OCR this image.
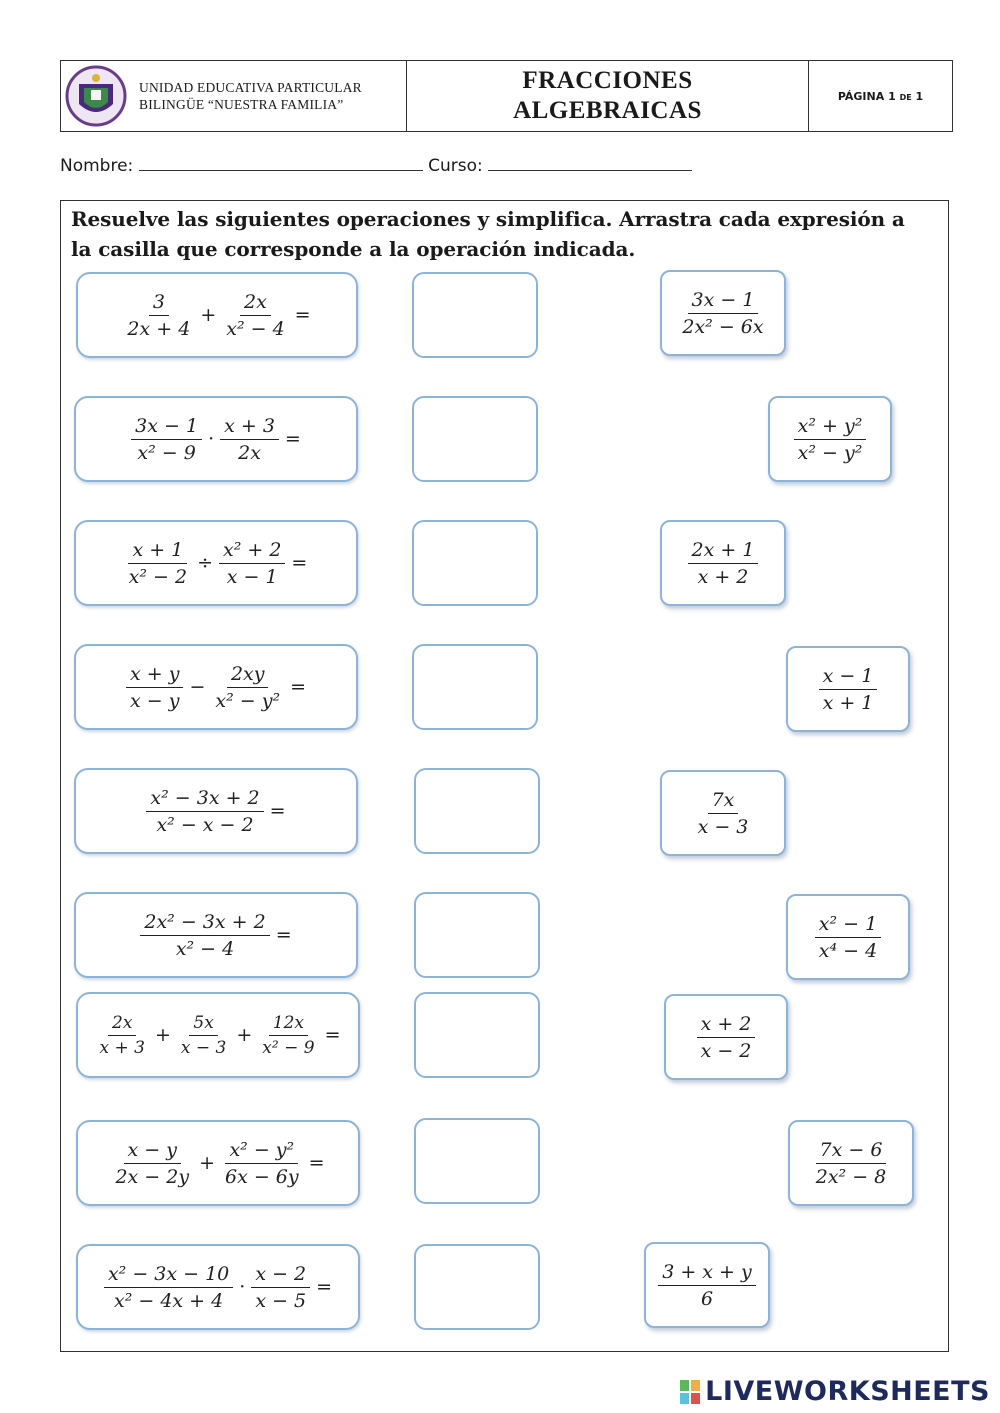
UNIDAD EDUCATIVA PARTICULAR
BILINGÜE “NUESTRA FAMILIA”
FRACCIONES
ALGEBRAICAS
PÁGINA 1 DE 1
Nombre:	Curso:
Resuelve las siguientes operaciones y simplifica. Arrastra cada expresión a la casilla que corresponde a la operación indicada.
$\frac{3}{2x + 4} + \frac{2x}{\text{x² − 4}}$ =
$\frac{3x - 1}{\text{x² − 9}} \cdot \frac{x + 3}{2x}$ =
$\frac{x + 1}{\text{x² − 2}} \div \frac{\text{x² + 2}}{x - 1}$ =
$\frac{x + y}{x - y} - \frac{2xy}{\text{x² − y²}}$ =
$\frac{\text{x² − 3x + 2}}{\text{x² − x − 2}}$ =
$\frac{\text{2x² − 3x + 2}}{\text{x² − 4}}$ =
$\frac{2x}{x + 3} + \frac{5x}{x - 3} + \frac{12x}{\text{x² − 9}}$ =
$\frac{x - y}{2x - 2y} + \frac{\text{x² − y²}}{6x - 6y}$ =
$\frac{\text{x² − 3x − 10}}{\text{x² − 4x + 4}} \cdot \frac{x - 2}{x - 5}$ =
$\frac{3x - 1}{\text{2x² − 6x}}$
$\frac{\text{x² + y²}}{\text{x² − y²}}$
$\frac{2x + 1}{x + 2}$
$\frac{x - 1}{x + 1}$
$\frac{7x}{x - 3}$
$\frac{\text{x² − 1}}{\text{x⁴ − 4}}$
$\frac{x + 2}{x - 2}$
$\frac{7x - 6}{\text{2x² − 8}}$
$\frac{3 + x + y}{6}$
LIVEWORKSHEETS
